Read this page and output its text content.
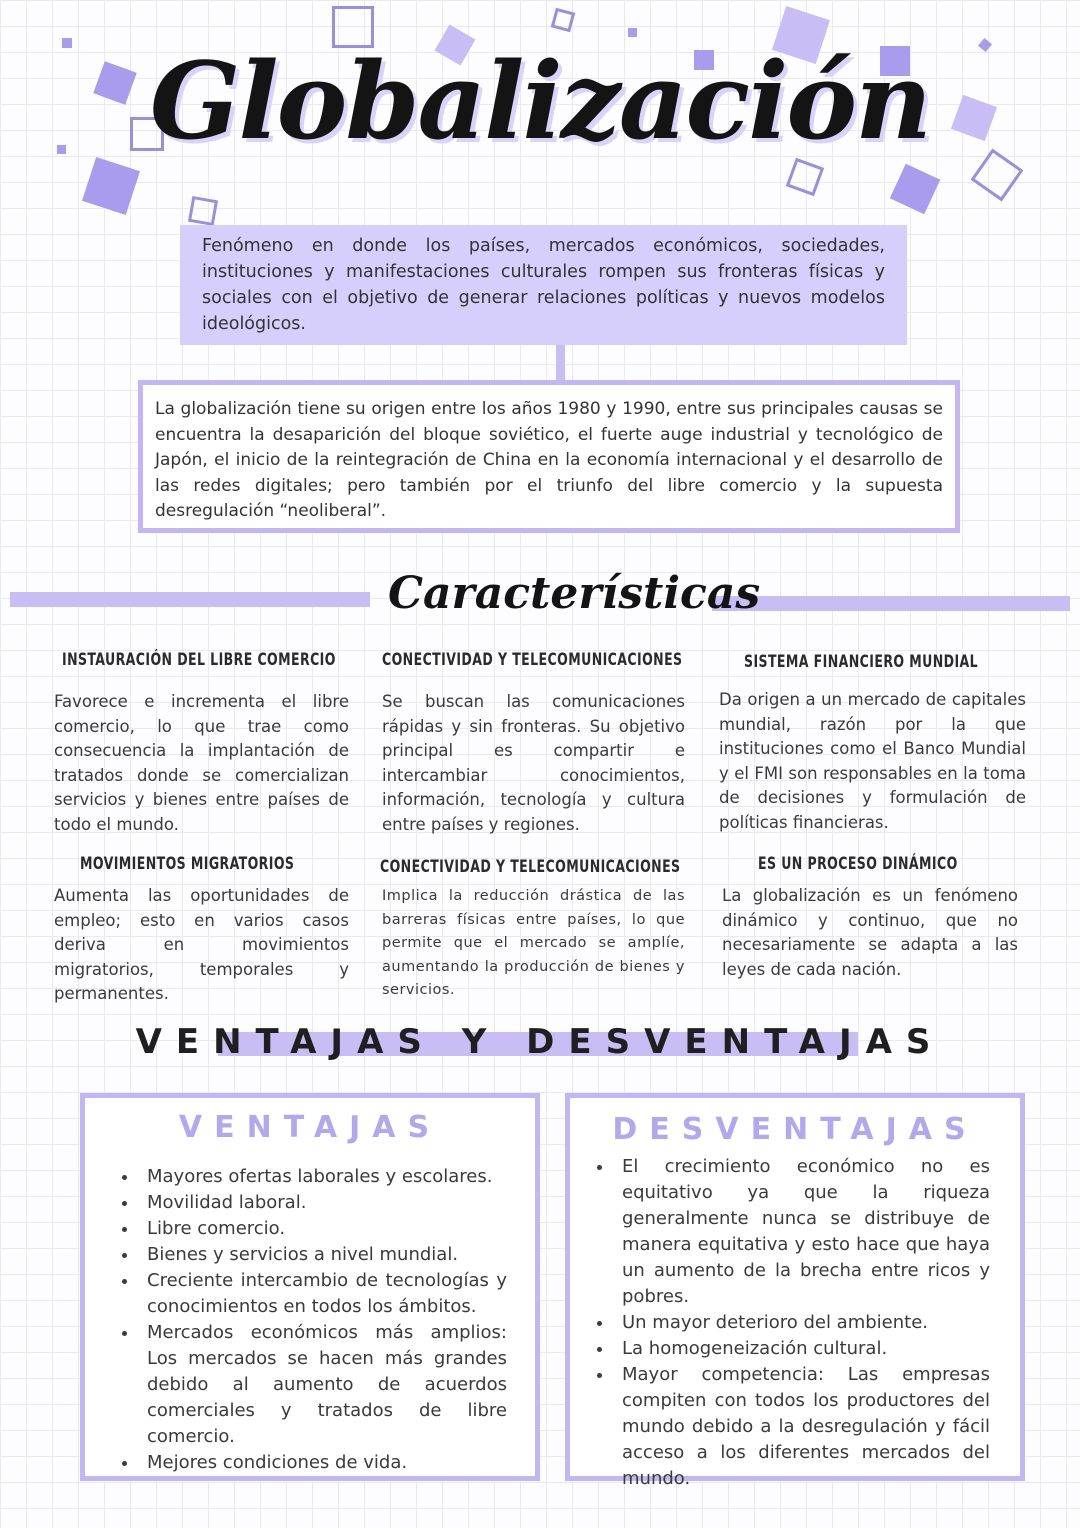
Globalización
Fenómeno en donde los países, mercados económicos, sociedades, instituciones y manifestaciones culturales rompen sus fronteras físicas y sociales con el objetivo de generar relaciones políticas y nuevos modelos ideológicos.
La globalización tiene su origen entre los años 1980 y 1990, entre sus principales causas se encuentra la desaparición del bloque soviético, el fuerte auge industrial y tecnológico de Japón, el inicio de la reintegración de China en la economía internacional y el desarrollo de las redes digitales; pero también por el triunfo del libre comercio y la supuesta desregulación “neoliberal”.
Características
INSTAURACIÓN DEL LIBRE COMERCIO
Favorece e incrementa el libre comercio, lo que trae como consecuencia la implantación de tratados donde se comercializan servicios y bienes entre países de todo el mundo.
CONECTIVIDAD Y TELECOMUNICACIONES
Se buscan las comunicaciones rápidas y sin fronteras. Su objetivo principal es compartir e intercambiar conocimientos, información, tecnología y cultura entre países y regiones.
SISTEMA FINANCIERO MUNDIAL
Da origen a un mercado de capitales mundial, razón por la que instituciones como el Banco Mundial y el FMI son responsables en la toma de decisiones y formulación de políticas financieras.
MOVIMIENTOS MIGRATORIOS
Aumenta las oportunidades de empleo; esto en varios casos deriva en movimientos migratorios, temporales y permanentes.
CONECTIVIDAD Y TELECOMUNICACIONES
Implica la reducción drástica de las barreras físicas entre países, lo que permite que el mercado se amplíe, aumentando la producción de bienes y servicios.
ES UN PROCESO DINÁMICO
La globalización es un fenómeno dinámico y continuo, que no necesariamente se adapta a las leyes de cada nación.
VENTAJAS Y DESVENTAJAS
VENTAJAS
• Mayores ofertas laborales y escolares.
• Movilidad laboral.
• Libre comercio.
• Bienes y servicios a nivel mundial.
• Creciente intercambio de tecnologías y conocimientos en todos los ámbitos.
• Mercados económicos más amplios: Los mercados se hacen más grandes debido al aumento de acuerdos comerciales y tratados de libre comercio.
• Mejores condiciones de vida.
DESVENTAJAS
• El crecimiento económico no es equitativo ya que la riqueza generalmente nunca se distribuye de manera equitativa y esto hace que haya un aumento de la brecha entre ricos y pobres.
• Un mayor deterioro del ambiente.
• La homogeneización cultural.
• Mayor competencia: Las empresas compiten con todos los productores del mundo debido a la desregulación y fácil acceso a los diferentes mercados del mundo.
